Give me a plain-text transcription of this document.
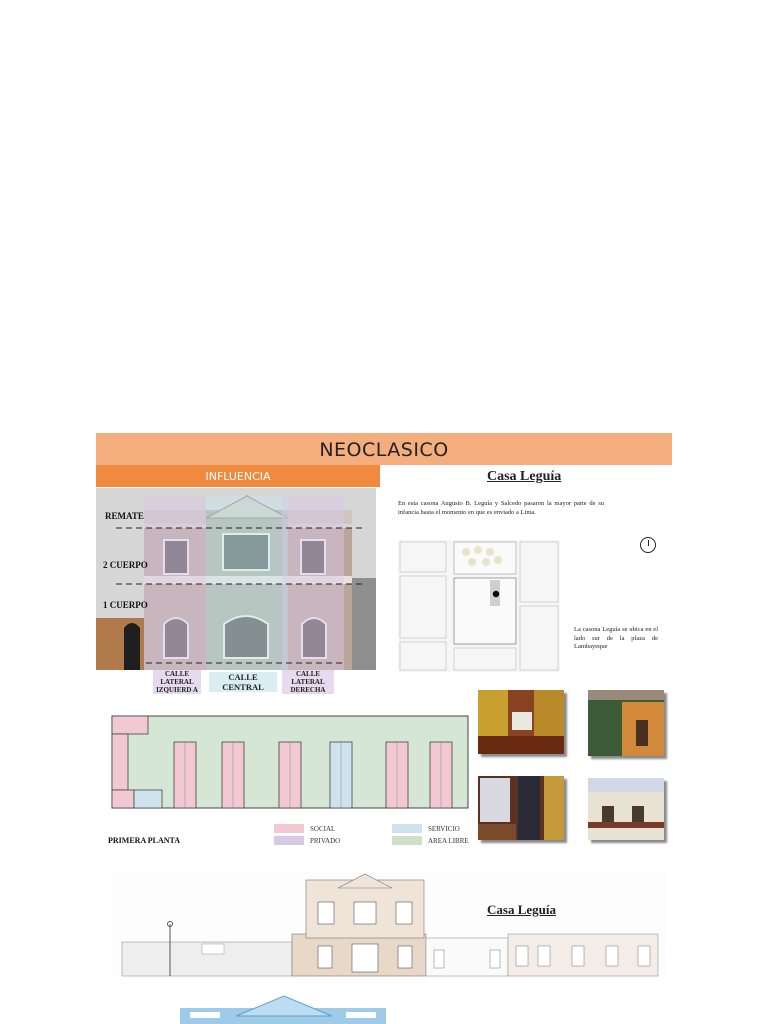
NEOCLASICO
INFLUENCIA
REMATE
2 CUERPO
1 CUERPO
CALLE LATERAL IZQUIERD A
CALLE CENTRAL
CALLE LATERAL DERECHA
Casa Leguía
En esta casona Augusto B. Leguía y Salcedo pasaron la mayor parte de su infancia hasta el momento en que es enviado a Lima.
La casona Leguía se ubica en el lado sur de la plaza de Lambayeque
PRIMERA PLANTA
SOCIAL
PRIVADO
SERVICIO
AREA LIBRE
Casa Leguía
